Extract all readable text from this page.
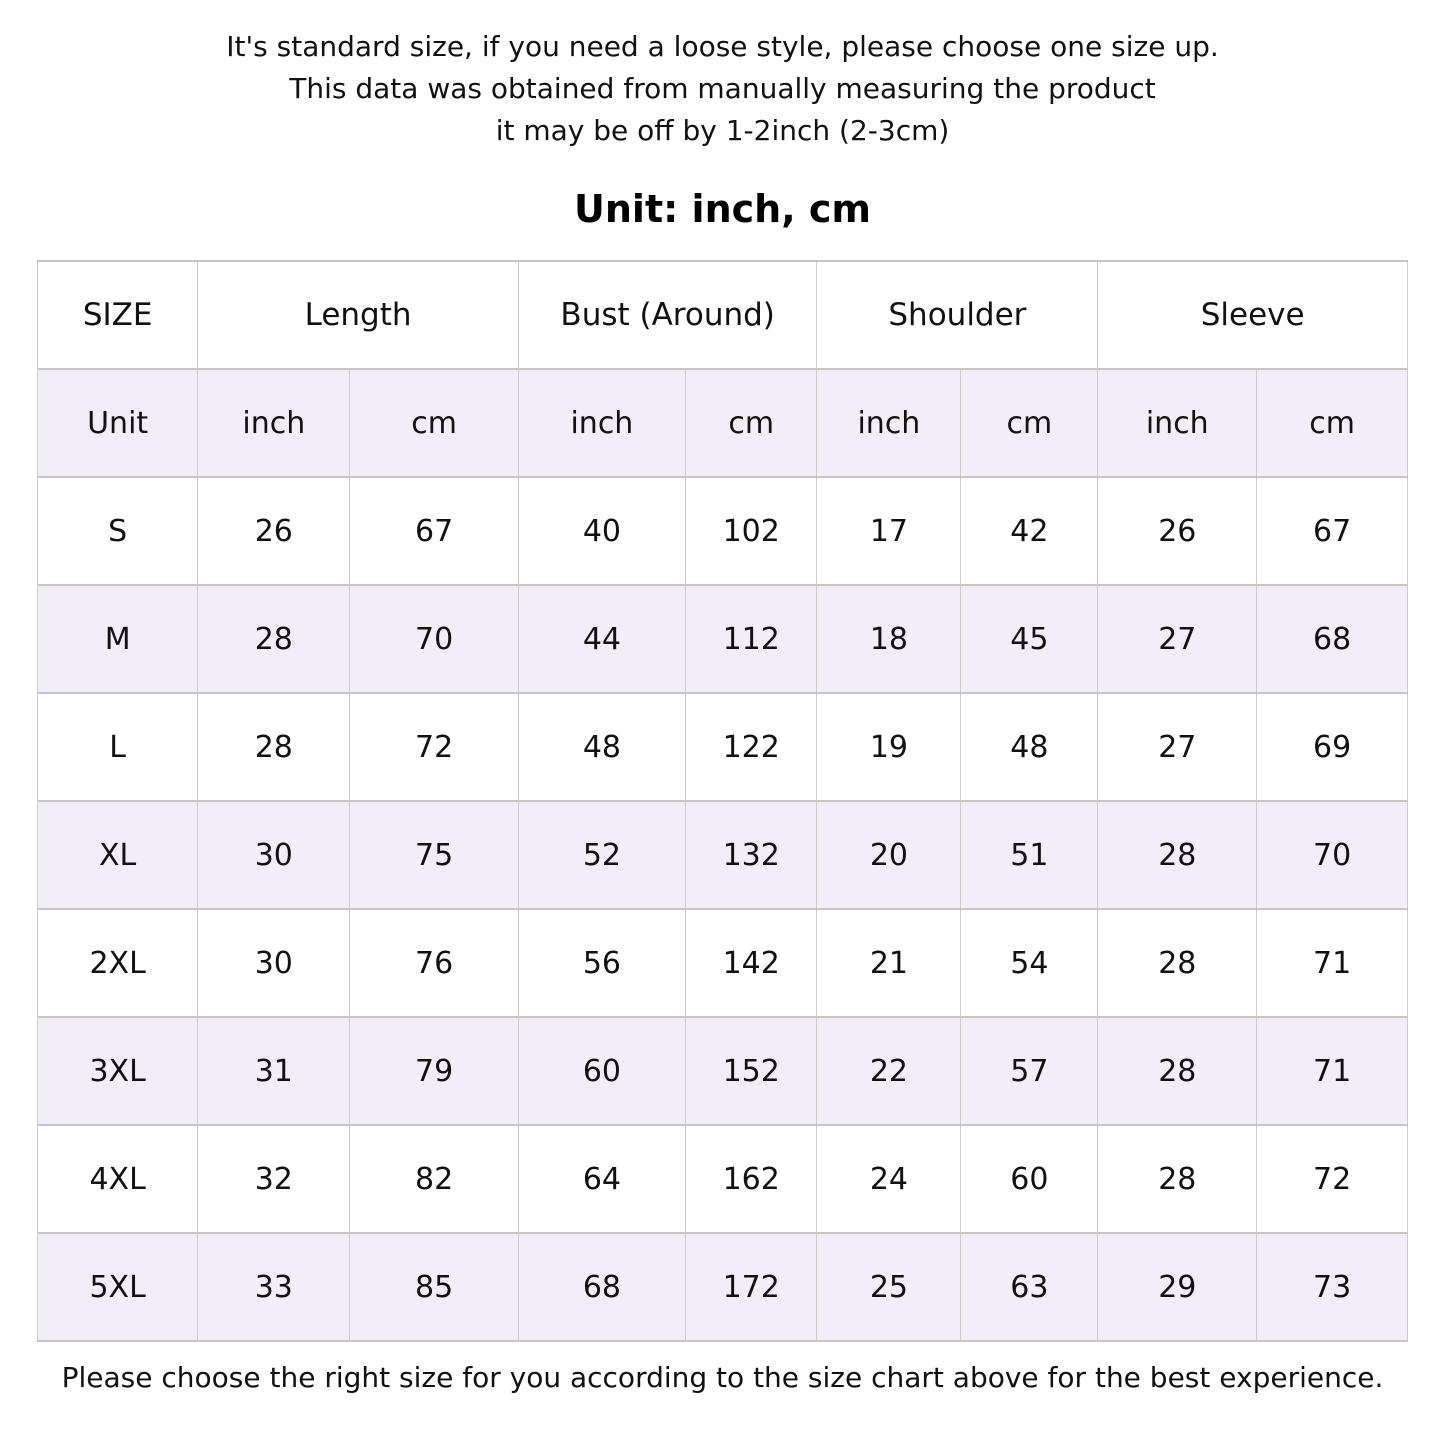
It's standard size, if you need a loose style, please choose one size up.
This data was obtained from manually measuring the product
it may be off by 1-2inch (2-3cm)
Unit: inch, cm
SIZE	Length		Bust (Around)		Shoulder		Sleeve	
Unit	inch	cm	inch	cm	inch	cm	inch	cm
S	26	67	40	102	17	42	26	67
M	28	70	44	112	18	45	27	68
L	28	72	48	122	19	48	27	69
XL	30	75	52	132	20	51	28	70
2XL	30	76	56	142	21	54	28	71
3XL	31	79	60	152	22	57	28	71
4XL	32	82	64	162	24	60	28	72
5XL	33	85	68	172	25	63	29	73
Please choose the right size for you according to the size chart above for the best experience.
